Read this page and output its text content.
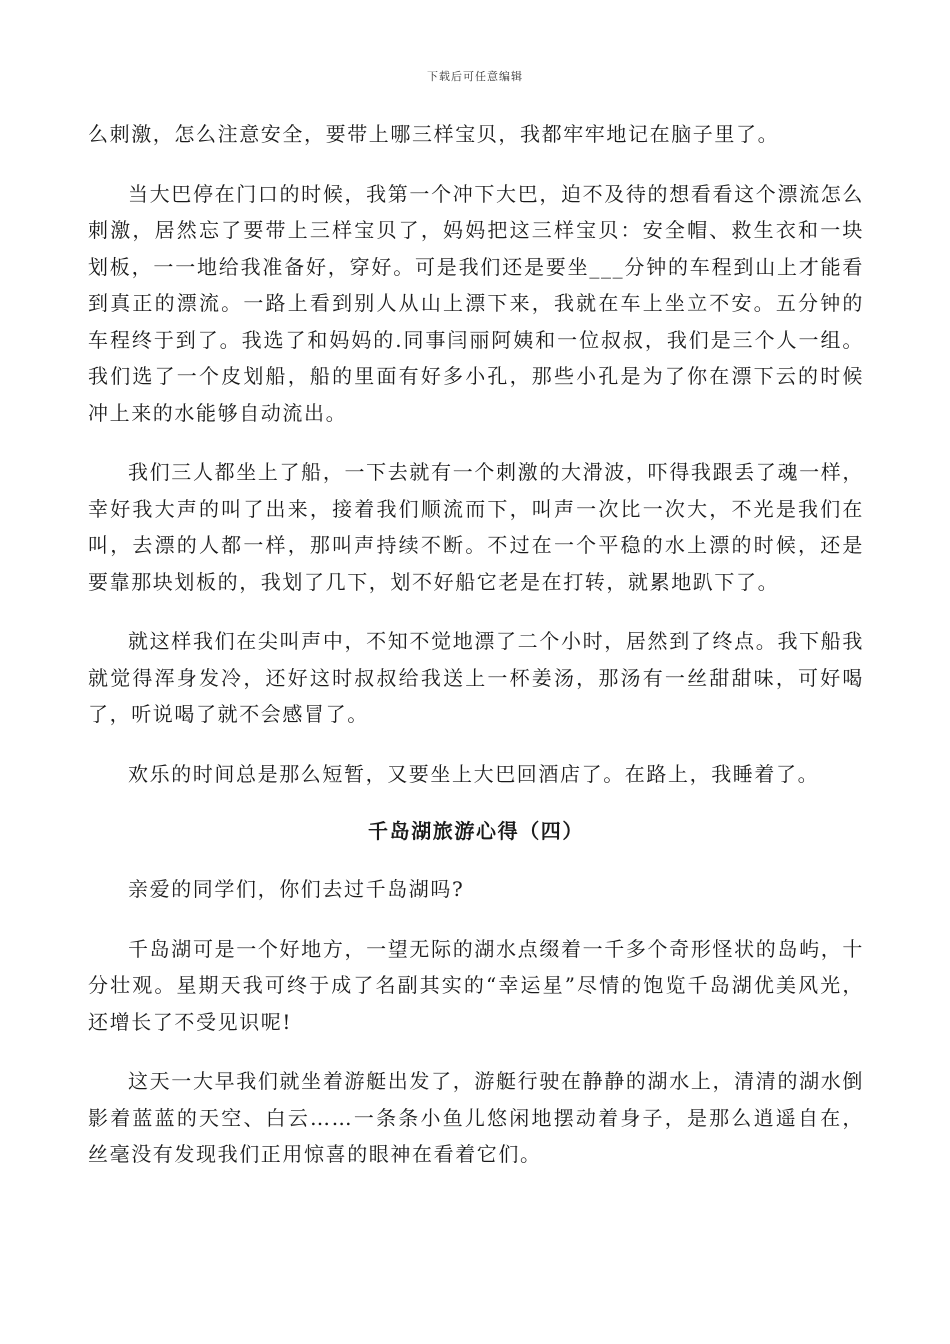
下载后可任意编辑

么刺激，怎么注意安全，要带上哪三样宝贝，我都牢牢地记在脑子里了。

当大巴停在门口的时候，我第一个冲下大巴，迫不及待的想看看这个漂流怎么刺激，居然忘了要带上三样宝贝了，妈妈把这三样宝贝：安全帽、救生衣和一块划板，一一地给我准备好，穿好。可是我们还是要坐___分钟的车程到山上才能看到真正的漂流。一路上看到别人从山上漂下来，我就在车上坐立不安。五分钟的车程终于到了。我选了和妈妈的.同事闫丽阿姨和一位叔叔，我们是三个人一组。我们选了一个皮划船，船的里面有好多小孔，那些小孔是为了你在漂下云的时候冲上来的水能够自动流出。

我们三人都坐上了船，一下去就有一个刺激的大滑波，吓得我跟丢了魂一样，幸好我大声的叫了出来，接着我们顺流而下，叫声一次比一次大，不光是我们在叫，去漂的人都一样，那叫声持续不断。不过在一个平稳的水上漂的时候，还是要靠那块划板的，我划了几下，划不好船它老是在打转，就累地趴下了。

就这样我们在尖叫声中，不知不觉地漂了二个小时，居然到了终点。我下船我就觉得浑身发冷，还好这时叔叔给我送上一杯姜汤，那汤有一丝甜甜味，可好喝了，听说喝了就不会感冒了。

欢乐的时间总是那么短暂，又要坐上大巴回酒店了。在路上，我睡着了。

千岛湖旅游心得（四）

亲爱的同学们，你们去过千岛湖吗?

千岛湖可是一个好地方，一望无际的湖水点缀着一千多个奇形怪状的岛屿，十分壮观。星期天我可终于成了名副其实的“幸运星”尽情的饱览千岛湖优美风光，还增长了不受见识呢!

这天一大早我们就坐着游艇出发了，游艇行驶在静静的湖水上，清清的湖水倒影着蓝蓝的天空、白云……一条条小鱼儿悠闲地摆动着身子，是那么逍遥自在，丝毫没有发现我们正用惊喜的眼神在看着它们。
